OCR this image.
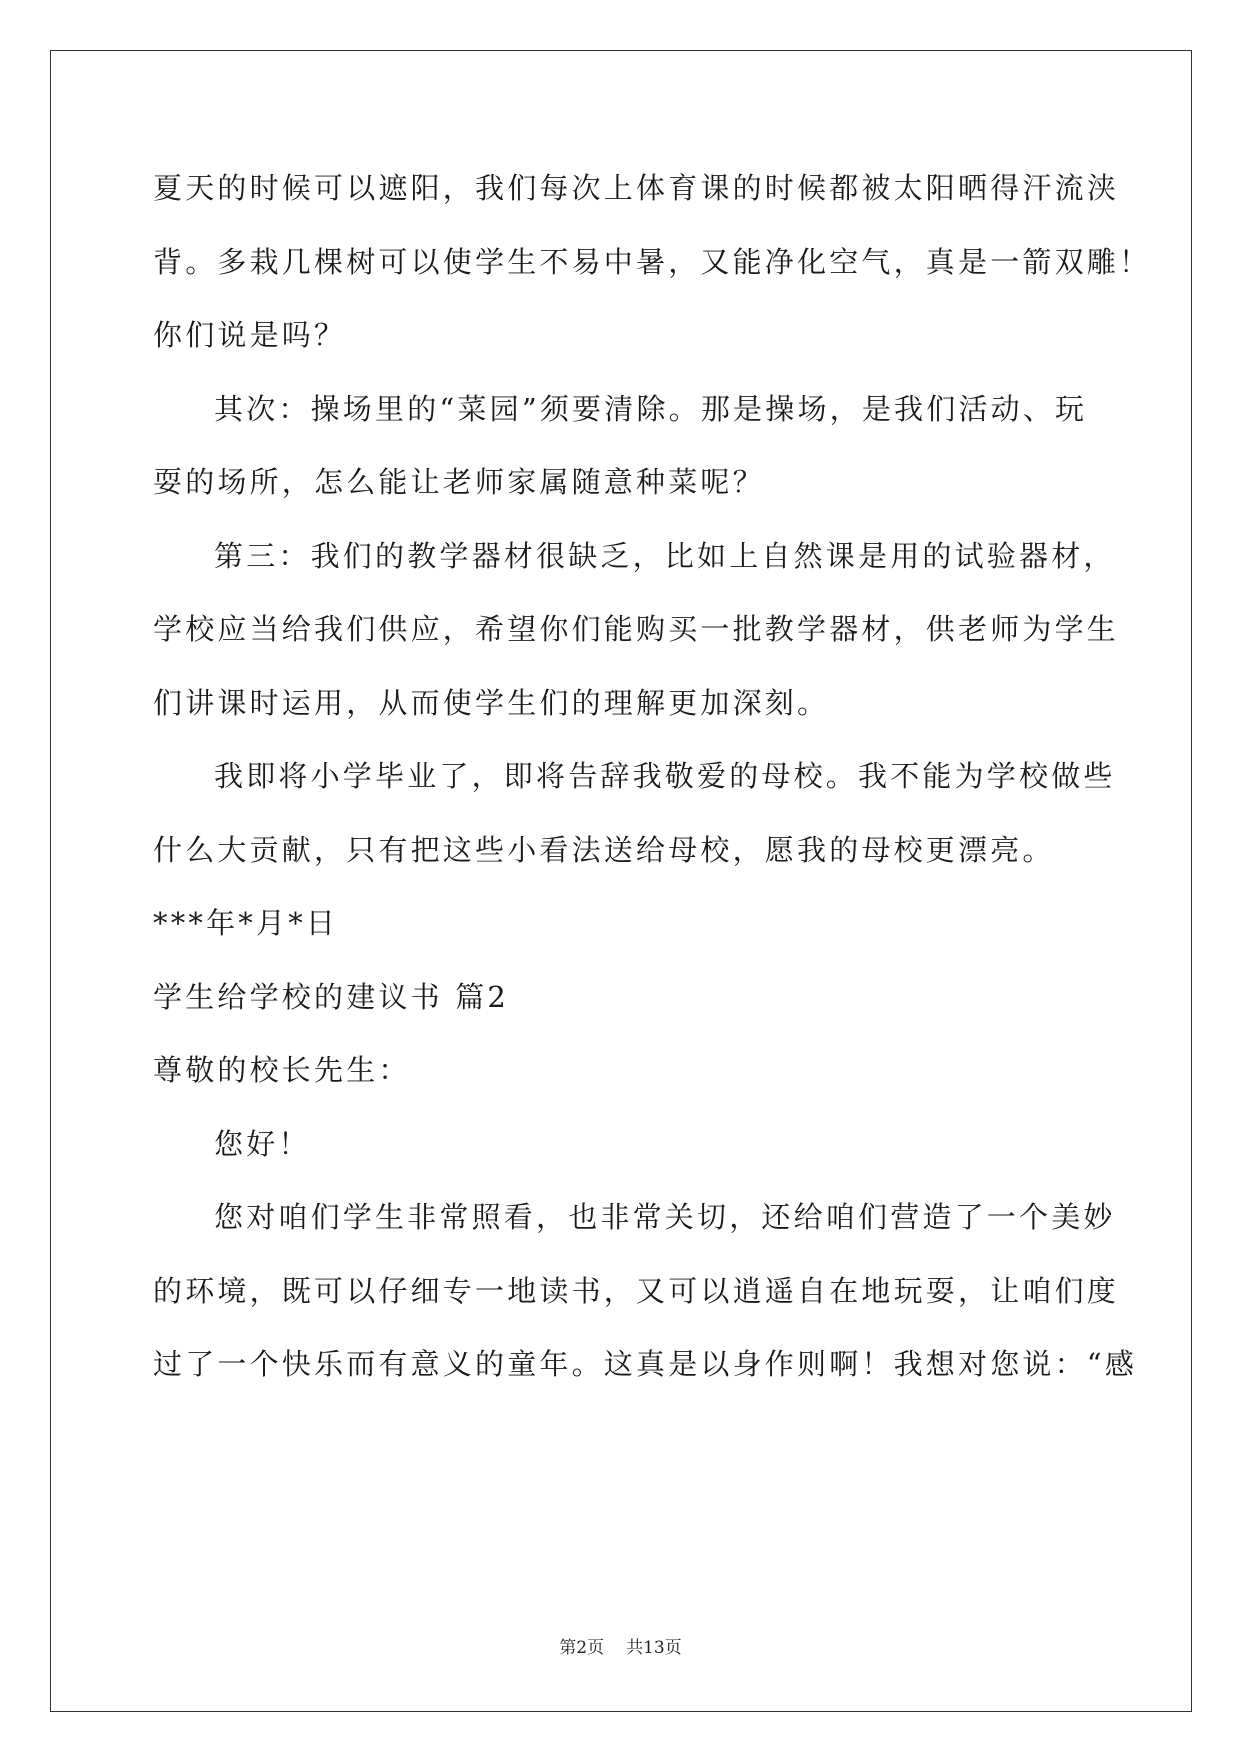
夏天的时候可以遮阳，我们每次上体育课的时候都被太阳晒得汗流浃
背。多栽几棵树可以使学生不易中暑，又能净化空气，真是一箭双雕！
你们说是吗？
其次：操场里的“菜园”须要清除。那是操场，是我们活动、玩
耍的场所，怎么能让老师家属随意种菜呢？
第三：我们的教学器材很缺乏，比如上自然课是用的试验器材，
学校应当给我们供应，希望你们能购买一批教学器材，供老师为学生
们讲课时运用，从而使学生们的理解更加深刻。
我即将小学毕业了，即将告辞我敬爱的母校。我不能为学校做些
什么大贡献，只有把这些小看法送给母校，愿我的母校更漂亮。
***年*月*日
学生给学校的建议书 篇2
尊敬的校长先生：
您好！
您对咱们学生非常照看，也非常关切，还给咱们营造了一个美妙
的环境，既可以仔细专一地读书，又可以逍遥自在地玩耍，让咱们度
过了一个快乐而有意义的童年。这真是以身作则啊！我想对您说：“感
第2页 共13页
